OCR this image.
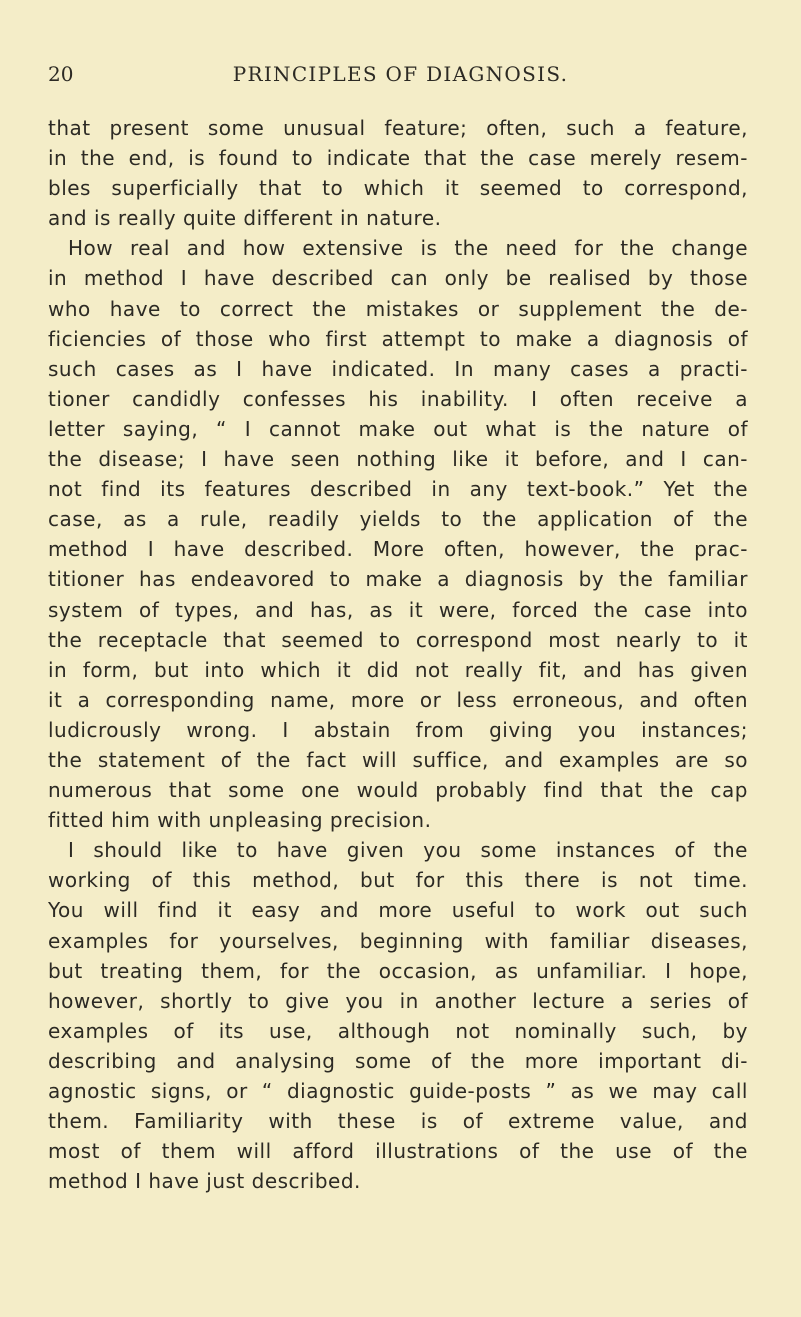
20	PRINCIPLES OF DIAGNOSIS.
that present some unusual feature; often, such a feature,
in the end, is found to indicate that the case merely resem-
bles superficially that to which it seemed to correspond,
and is really quite different in nature.
How real and how extensive is the need for the change
in method I have described can only be realised by those
who have to correct the mistakes or supplement the de-
ficiencies of those who first attempt to make a diagnosis of
such cases as I have indicated. In many cases a practi-
tioner candidly confesses his inability. I often receive a
letter saying, “ I cannot make out what is the nature of
the disease; I have seen nothing like it before, and I can-
not find its features described in any text-book.” Yet the
case, as a rule, readily yields to the application of the
method I have described. More often, however, the prac-
titioner has endeavored to make a diagnosis by the familiar
system of types, and has, as it were, forced the case into
the receptacle that seemed to correspond most nearly to it
in form, but into which it did not really fit, and has given
it a corresponding name, more or less erroneous, and often
ludicrously wrong. I abstain from giving you instances;
the statement of the fact will suffice, and examples are so
numerous that some one would probably find that the cap
fitted him with unpleasing precision.
I should like to have given you some instances of the
working of this method, but for this there is not time.
You will find it easy and more useful to work out such
examples for yourselves, beginning with familiar diseases,
but treating them, for the occasion, as unfamiliar. I hope,
however, shortly to give you in another lecture a series of
examples of its use, although not nominally such, by
describing and analysing some of the more important di-
agnostic signs, or “ diagnostic guide-posts ” as we may call
them. Familiarity with these is of extreme value, and
most of them will afford illustrations of the use of the
method I have just described.
